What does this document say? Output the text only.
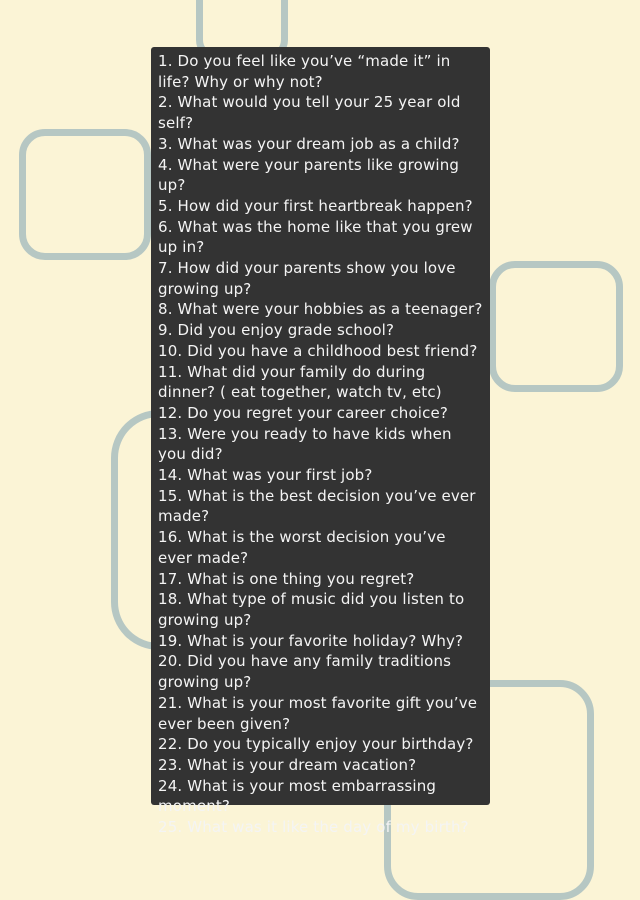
1. Do you feel like you’ve “made it” in life? Why or why not?
2. What would you tell your 25 year old self?
3. What was your dream job as a child?
4. What were your parents like growing up?
5. How did your first heartbreak happen?
6. What was the home like that you grew up in?
7. How did your parents show you love growing up?
8. What were your hobbies as a teenager?
9. Did you enjoy grade school?
10. Did you have a childhood best friend?
11. What did your family do during dinner? ( eat together, watch tv, etc)
12. Do you regret your career choice?
13. Were you ready to have kids when you did?
14. What was your first job?
15. What is the best decision you’ve ever made?
16. What is the worst decision you’ve ever made?
17. What is one thing you regret?
18. What type of music did you listen to growing up?
19. What is your favorite holiday? Why?
20. Did you have any family traditions growing up?
21. What is your most favorite gift you’ve ever been given?
22. Do you typically enjoy your birthday?
23. What is your dream vacation?
24. What is your most embarrassing moment?
25. What was it like the day of my birth?
